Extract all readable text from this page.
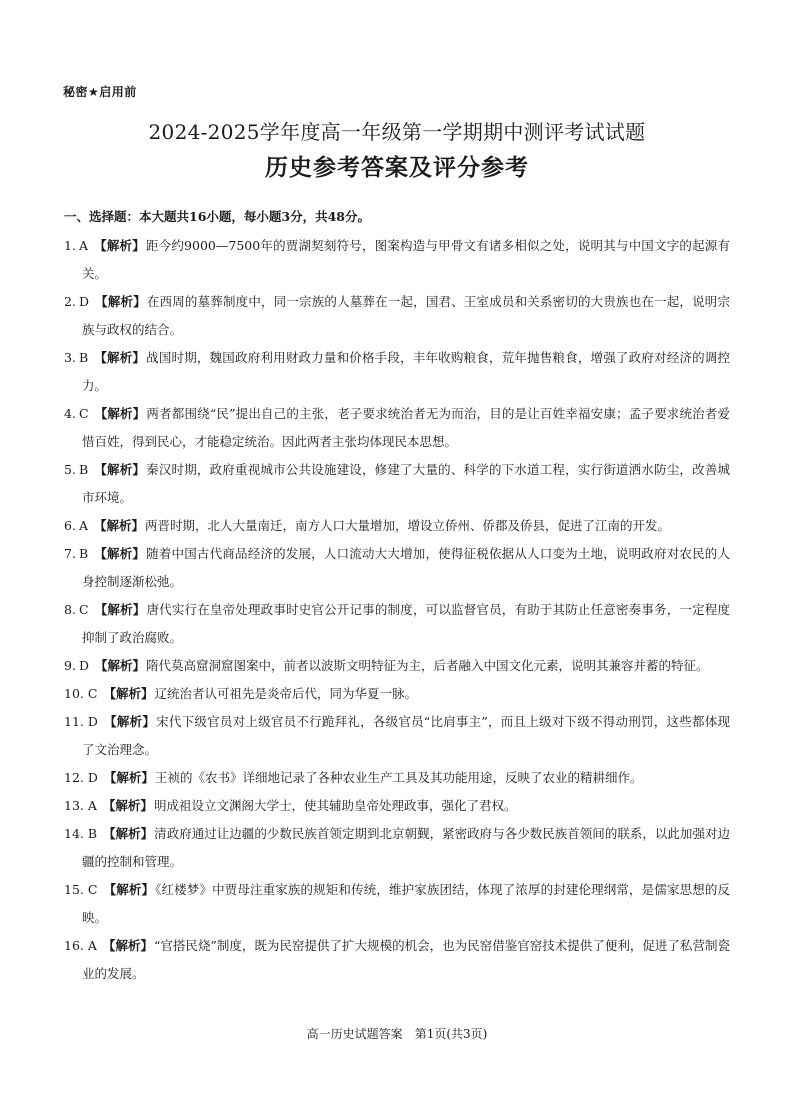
秘密★启用前
2024-2025学年度高一年级第一学期期中测评考试试题
历史参考答案及评分参考
一、选择题：本大题共16小题，每小题3分，共48分。
1. A 【解析】距今约9000—7500年的贾湖契刻符号，图案构造与甲骨文有诸多相似之处，说明其与中国文字的起源有关。
2. D 【解析】在西周的墓葬制度中，同一宗族的人墓葬在一起，国君、王室成员和关系密切的大贵族也在一起，说明宗族与政权的结合。
3. B 【解析】战国时期，魏国政府利用财政力量和价格手段，丰年收购粮食，荒年抛售粮食，增强了政府对经济的调控力。
4. C 【解析】两者都围绕“民”提出自己的主张，老子要求统治者无为而治，目的是让百姓幸福安康；孟子要求统治者爱惜百姓，得到民心，才能稳定统治。因此两者主张均体现民本思想。
5. B 【解析】秦汉时期，政府重视城市公共设施建设，修建了大量的、科学的下水道工程，实行街道洒水防尘，改善城市环境。
6. A 【解析】两晋时期，北人大量南迁，南方人口大量增加，增设立侨州、侨郡及侨县，促进了江南的开发。
7. B 【解析】随着中国古代商品经济的发展，人口流动大大增加，使得征税依据从人口变为土地，说明政府对农民的人身控制逐渐松弛。
8. C 【解析】唐代实行在皇帝处理政事时史官公开记事的制度，可以监督官员，有助于其防止任意密奏事务，一定程度抑制了政治腐败。
9. D 【解析】隋代莫高窟洞窟图案中，前者以波斯文明特征为主，后者融入中国文化元素，说明其兼容并蓄的特征。
10. C 【解析】辽统治者认可祖先是炎帝后代，同为华夏一脉。
11. D 【解析】宋代下级官员对上级官员不行跪拜礼，各级官员“比肩事主”，而且上级对下级不得动刑罚，这些都体现了文治理念。
12. D 【解析】王祯的《农书》详细地记录了各种农业生产工具及其功能用途，反映了农业的精耕细作。
13. A 【解析】明成祖设立文渊阁大学士，使其辅助皇帝处理政事，强化了君权。
14. B 【解析】清政府通过让边疆的少数民族首领定期到北京朝觐，紧密政府与各少数民族首领间的联系，以此加强对边疆的控制和管理。
15. C 【解析】《红楼梦》中贾母注重家族的规矩和传统，维护家族团结，体现了浓厚的封建伦理纲常，是儒家思想的反映。
16. A 【解析】“官搭民烧”制度，既为民窑提供了扩大规模的机会，也为民窑借鉴官窑技术提供了便利，促进了私营制瓷业的发展。
高一历史试题答案 第1页(共3页)
